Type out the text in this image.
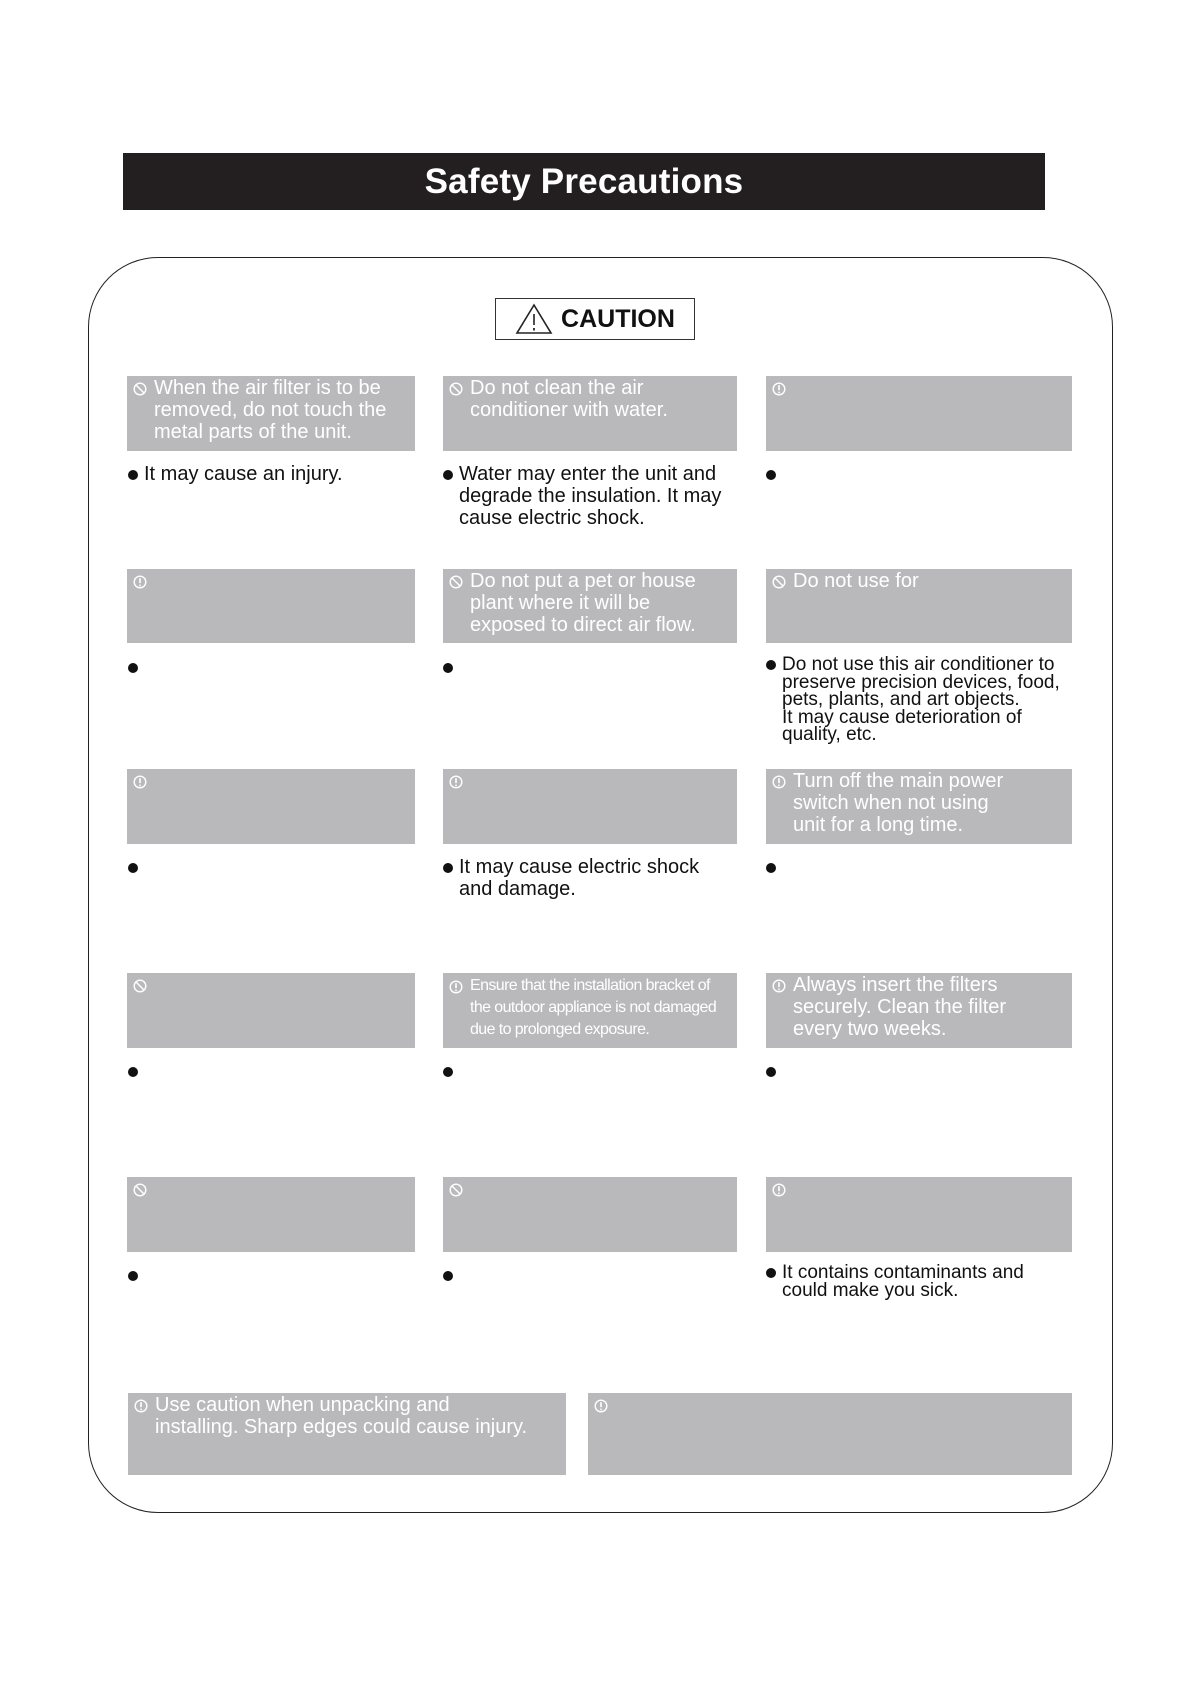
Safety Precautions
CAUTION
When the air filter is to be
removed, do not touch the
metal parts of the unit.
It may cause an injury.
Do not clean the air
conditioner with water.
Water may enter the unit and
degrade the insulation. It may
cause electric shock.
Do not put a pet or house
plant where it will be
exposed to direct air flow.
Do not use for
Do not use this air conditioner to
preserve precision devices, food,
pets, plants, and art objects.
It may cause deterioration of
quality, etc.
It may cause electric shock
and damage.
Turn off the main power
switch when not using
unit for a long time.
Ensure that the installation bracket of
the outdoor appliance is not damaged
due to prolonged exposure.
Always insert the filters
securely. Clean the filter
every two weeks.
It contains contaminants and
could make you sick.
Use caution when unpacking and
installing. Sharp edges could cause injury.
